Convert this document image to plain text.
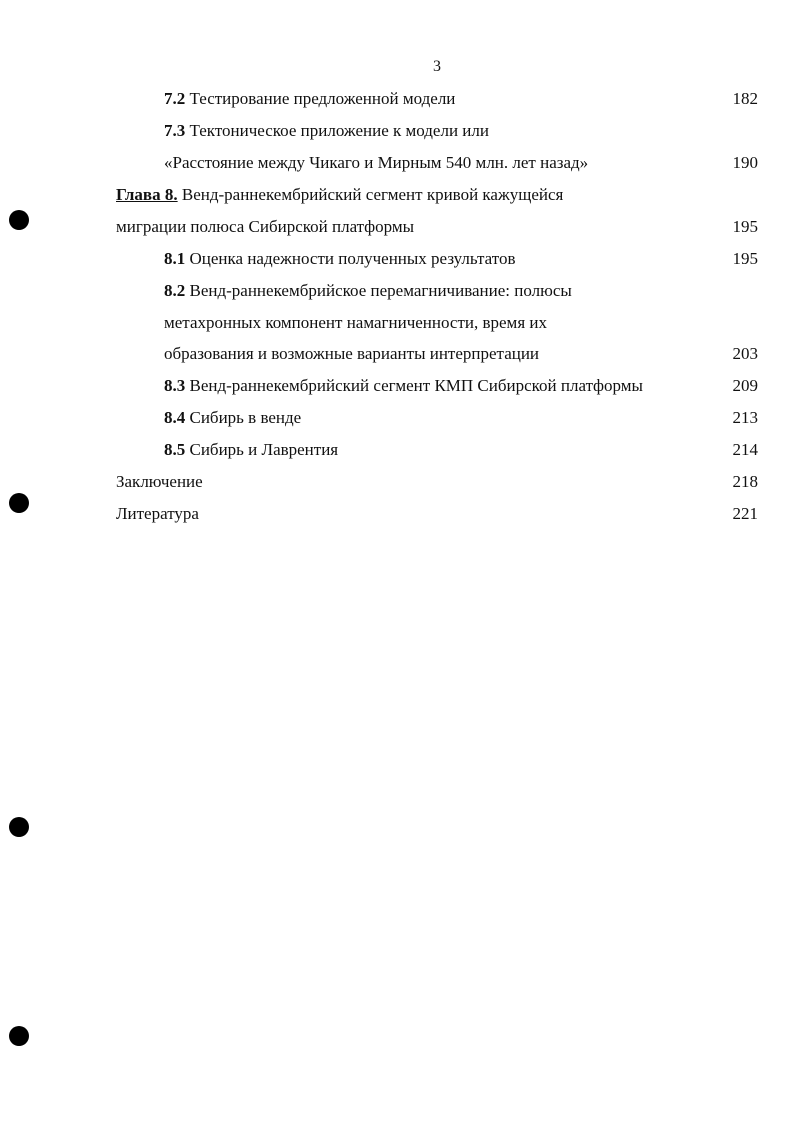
3
7.2 Тестирование предложенной модели	182
7.3 Тектоническое приложение к модели или
«Расстояние между Чикаго и Мирным 540 млн. лет назад»	190
Глава 8. Венд-раннекембрийский сегмент кривой кажущейся
миграции полюса Сибирской платформы	195
8.1 Оценка надежности полученных результатов	195
8.2 Венд-раннекембрийское перемагничивание: полюсы
метахронных компонент намагниченности, время их
образования и возможные варианты интерпретации	203
8.3 Венд-раннекембрийский сегмент КМП Сибирской платформы	209
8.4 Сибирь в венде	213
8.5 Сибирь и Лаврентия	214
Заключение	218
Литература	221
